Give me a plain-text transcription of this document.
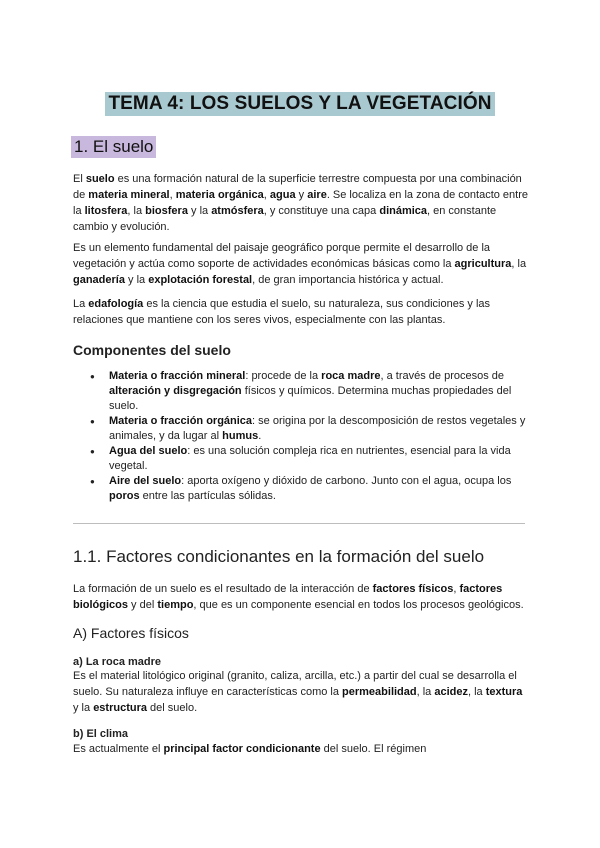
TEMA 4: LOS SUELOS Y LA VEGETACIÓN
1. El suelo

El suelo es una formación natural de la superficie terrestre compuesta por una combinación de materia mineral, materia orgánica, agua y aire. Se localiza en la zona de contacto entre la litosfera, la biosfera y la atmósfera, y constituye una capa dinámica, en constante cambio y evolución.

Es un elemento fundamental del paisaje geográfico porque permite el desarrollo de la vegetación y actúa como soporte de actividades económicas básicas como la agricultura, la ganadería y la explotación forestal, de gran importancia histórica y actual.

La edafología es la ciencia que estudia el suelo, su naturaleza, sus condiciones y las relaciones que mantiene con los seres vivos, especialmente con las plantas.

Componentes del suelo
● Materia o fracción mineral: procede de la roca madre, a través de procesos de alteración y disgregación físicos y químicos. Determina muchas propiedades del suelo.
● Materia o fracción orgánica: se origina por la descomposición de restos vegetales y animales, y da lugar al humus.
● Agua del suelo: es una solución compleja rica en nutrientes, esencial para la vida vegetal.
● Aire del suelo: aporta oxígeno y dióxido de carbono. Junto con el agua, ocupa los poros entre las partículas sólidas.
1.1. Factores condicionantes en la formación del suelo

La formación de un suelo es el resultado de la interacción de factores físicos, factores biológicos y del tiempo, que es un componente esencial en todos los procesos geológicos.

A) Factores físicos
a) La roca madre

Es el material litológico original (granito, caliza, arcilla, etc.) a partir del cual se desarrolla el suelo. Su naturaleza influye en características como la permeabilidad, la acidez, la textura y la estructura del suelo.

b) El clima

Es actualmente el principal factor condicionante del suelo. El régimen
